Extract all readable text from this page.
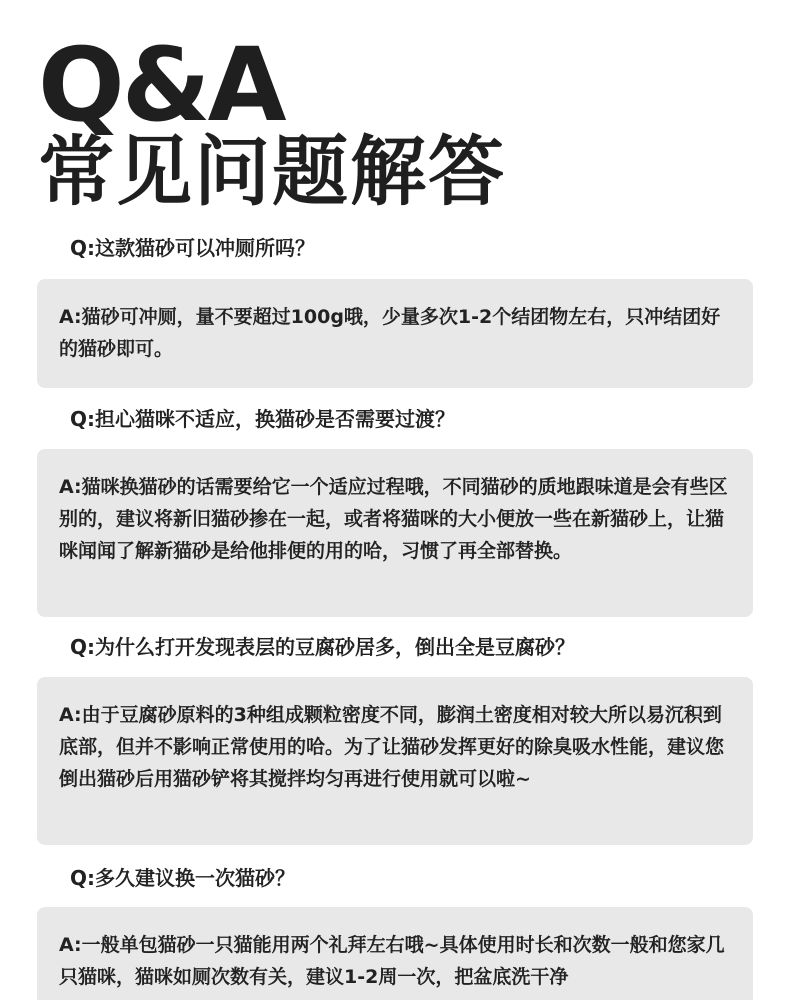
Q&A
常见问题解答
Q:这款猫砂可以冲厕所吗？
A:猫砂可冲厕，量不要超过100g哦，少量多次1-2个结团物左右，只冲结团好的猫砂即可。
Q:担心猫咪不适应，换猫砂是否需要过渡？
A:猫咪换猫砂的话需要给它一个适应过程哦，不同猫砂的质地跟味道是会有些区别的，建议将新旧猫砂掺在一起，或者将猫咪的大小便放一些在新猫砂上，让猫咪闻闻了解新猫砂是给他排便的用的哈，习惯了再全部替换。
Q:为什么打开发现表层的豆腐砂居多，倒出全是豆腐砂？
A:由于豆腐砂原料的3种组成颗粒密度不同，膨润土密度相对较大所以易沉积到底部，但并不影响正常使用的哈。为了让猫砂发挥更好的除臭吸水性能，建议您倒出猫砂后用猫砂铲将其搅拌均匀再进行使用就可以啦~
Q:多久建议换一次猫砂？
A:一般单包猫砂一只猫能用两个礼拜左右哦~具体使用时长和次数一般和您家几只猫咪，猫咪如厕次数有关，建议1-2周一次，把盆底洗干净
